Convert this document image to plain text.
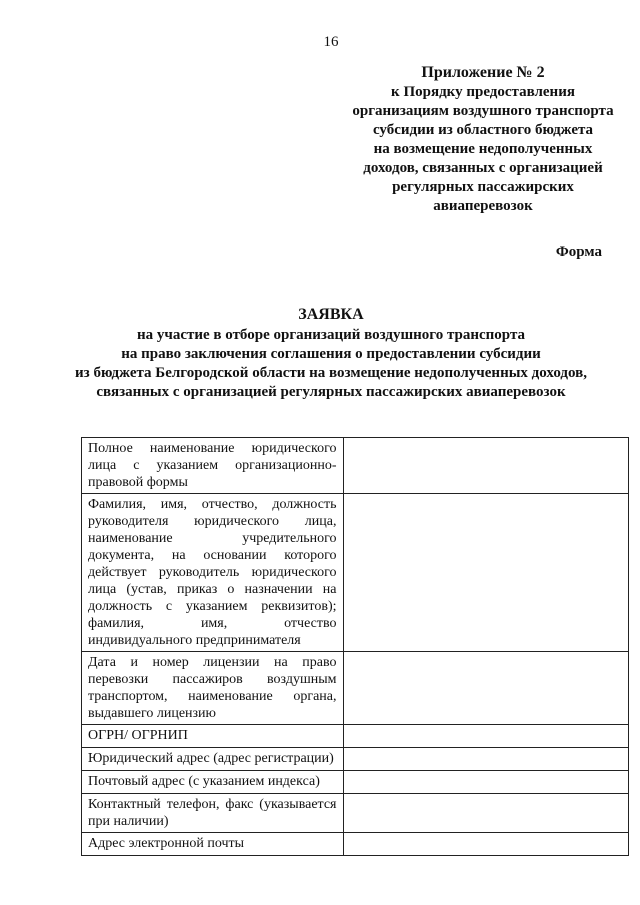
16
Приложение № 2
к Порядку предоставления
организациям воздушного транспорта
субсидии из областного бюджета
на возмещение недополученных
доходов, связанных с организацией
регулярных пассажирских
авиаперевозок
Форма
ЗАЯВКА
на участие в отборе организаций воздушного транспорта
на право заключения соглашения о предоставлении субсидии
из бюджета Белгородской области на возмещение недополученных доходов,
связанных с организацией регулярных пассажирских авиаперевозок
Полное наименование юридического лица с указанием организационно-правовой формы	
Фамилия, имя, отчество, должность руководителя юридического лица, наименование учредительного документа, на основании которого действует руководитель юридического лица (устав, приказ о назначении на должность с указанием реквизитов); фамилия, имя, отчество индивидуального предпринимателя	
Дата и номер лицензии на право перевозки пассажиров воздушным транспортом, наименование органа, выдавшего лицензию	
ОГРН/ ОГРНИП	
Юридический адрес (адрес регистрации)	
Почтовый адрес (с указанием индекса)	
Контактный телефон, факс (указывается при наличии)	
Адрес электронной почты	
